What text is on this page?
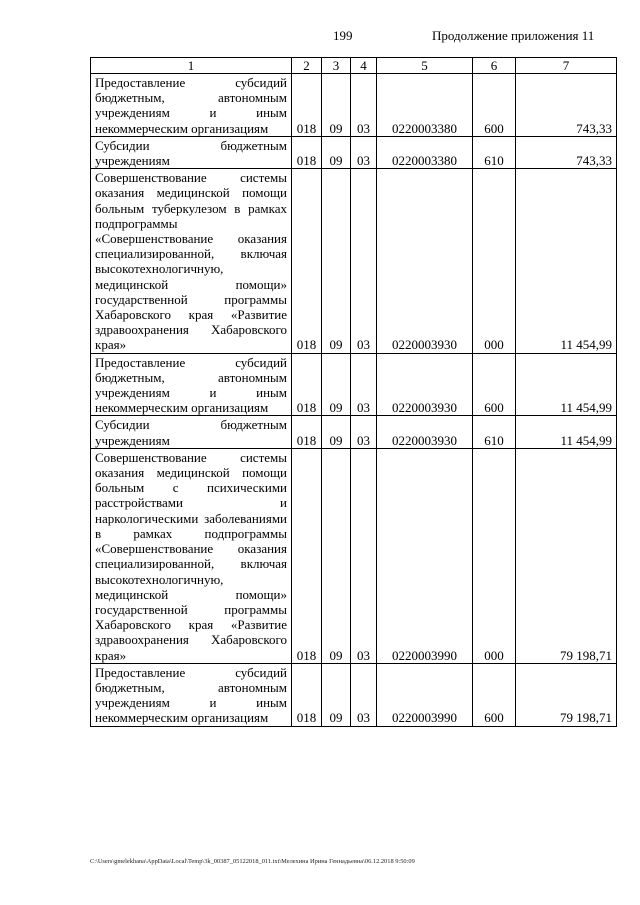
199	Продолжение приложения 11
1	2	3	4	5	6	7
Предоставление субсидий бюджетным, автономным учреждениям и иным некоммерческим организациям	018	09	03	0220003380	600	743,33
Субсидии бюджетным учреждениям	018	09	03	0220003380	610	743,33
Совершенствование системы оказания медицинской помощи больным туберкулезом в рамках подпрограммы «Совершенствование оказания специализированной, включая высокотехнологичную, медицинской помощи» государственной программы Хабаровского края «Развитие здравоохранения Хабаровского края»	018	09	03	0220003930	000	11 454,99
Предоставление субсидий бюджетным, автономным учреждениям и иным некоммерческим организациям	018	09	03	0220003930	600	11 454,99
Субсидии бюджетным учреждениям	018	09	03	0220003930	610	11 454,99
Совершенствование системы оказания медицинской помощи больным с психическими расстройствами и наркологическими заболеваниями в рамках подпрограммы «Совершенствование оказания специализированной, включая высокотехнологичную, медицинской помощи» государственной программы Хабаровского края «Развитие здравоохранения Хабаровского края»	018	09	03	0220003990	000	79 198,71
Предоставление субсидий бюджетным, автономным учреждениям и иным некоммерческим организациям	018	09	03	0220003990	600	79 198,71
C:\Users\gmelekhana\AppData\Local\Temp\3k_00387_05122018_011.txt\Мелехина Ирина Геннадьевна\06.12.2018 9:50:09
